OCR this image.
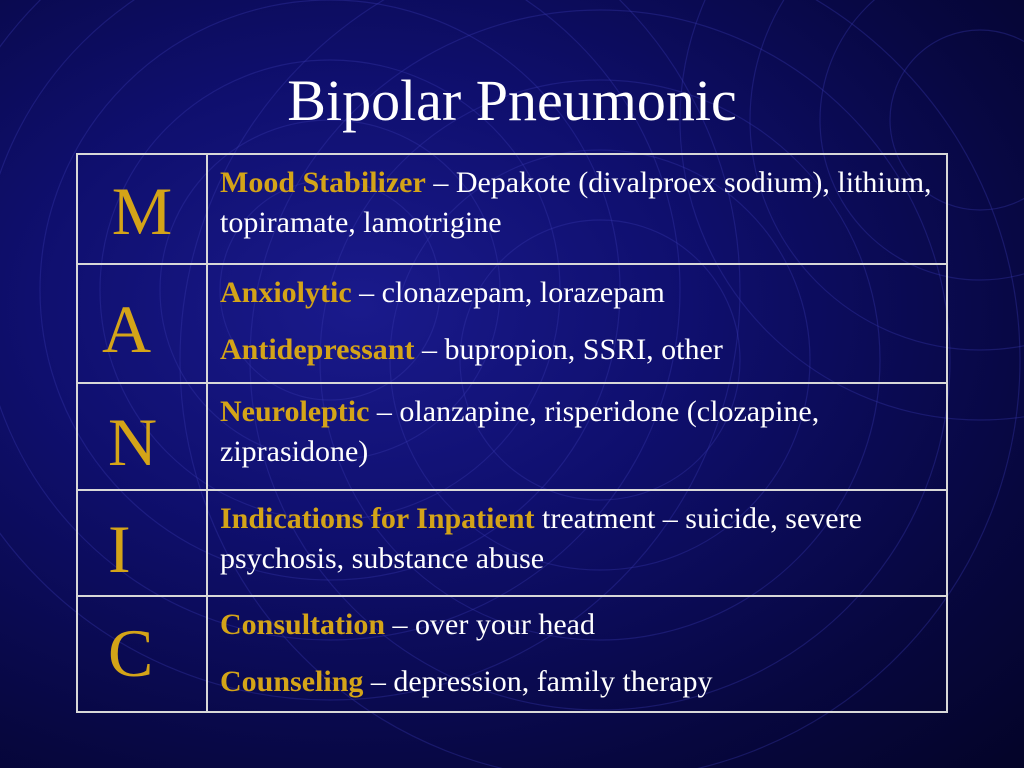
Bipolar Pneumonic
M	Mood Stabilizer – Depakote (divalproex sodium), lithium, topiramate, lamotrigine

A	Anxiolytic – clonazepam, lorazepam
Antidepressant – bupropion, SSRI, other

N	Neuroleptic – olanzapine, risperidone (clozapine, ziprasidone)

I	Indications for Inpatient treatment – suicide, severe psychosis, substance abuse

C	Consultation – over your head
Counseling – depression, family therapy
